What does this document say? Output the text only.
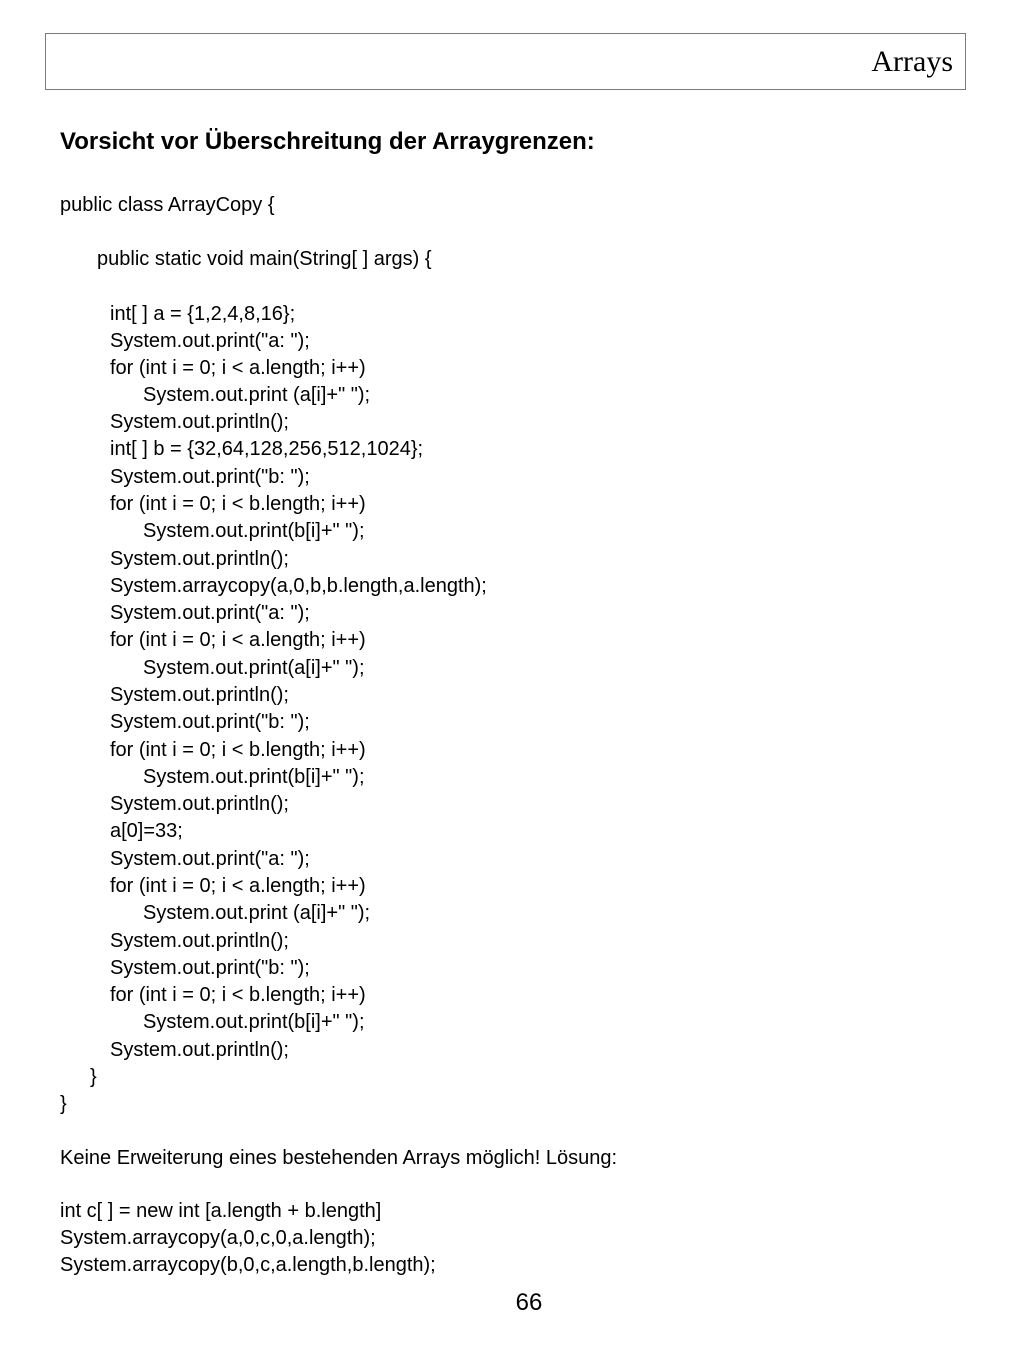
Arrays
Vorsicht vor Überschreitung der Arraygrenzen:
public class ArrayCopy {
public static void main(String[ ] args) {
int[ ] a = {1,2,4,8,16};
System.out.print("a: ");
for (int i = 0; i < a.length; i++)
System.out.print (a[i]+" ");
System.out.println();
int[ ] b = {32,64,128,256,512,1024};
System.out.print("b: ");
for (int i = 0; i < b.length; i++)
System.out.print(b[i]+" ");
System.out.println();
System.arraycopy(a,0,b,b.length,a.length);
System.out.print("a: ");
for (int i = 0; i < a.length; i++)
System.out.print(a[i]+" ");
System.out.println();
System.out.print("b: ");
for (int i = 0; i < b.length; i++)
System.out.print(b[i]+" ");
System.out.println();
a[0]=33;
System.out.print("a: ");
for (int i = 0; i < a.length; i++)
System.out.print (a[i]+" ");
System.out.println();
System.out.print("b: ");
for (int i = 0; i < b.length; i++)
System.out.print(b[i]+" ");
System.out.println();
}
}
Keine Erweiterung eines bestehenden Arrays möglich! Lösung:
int c[ ] = new int [a.length + b.length]
System.arraycopy(a,0,c,0,a.length);
System.arraycopy(b,0,c,a.length,b.length);
66
